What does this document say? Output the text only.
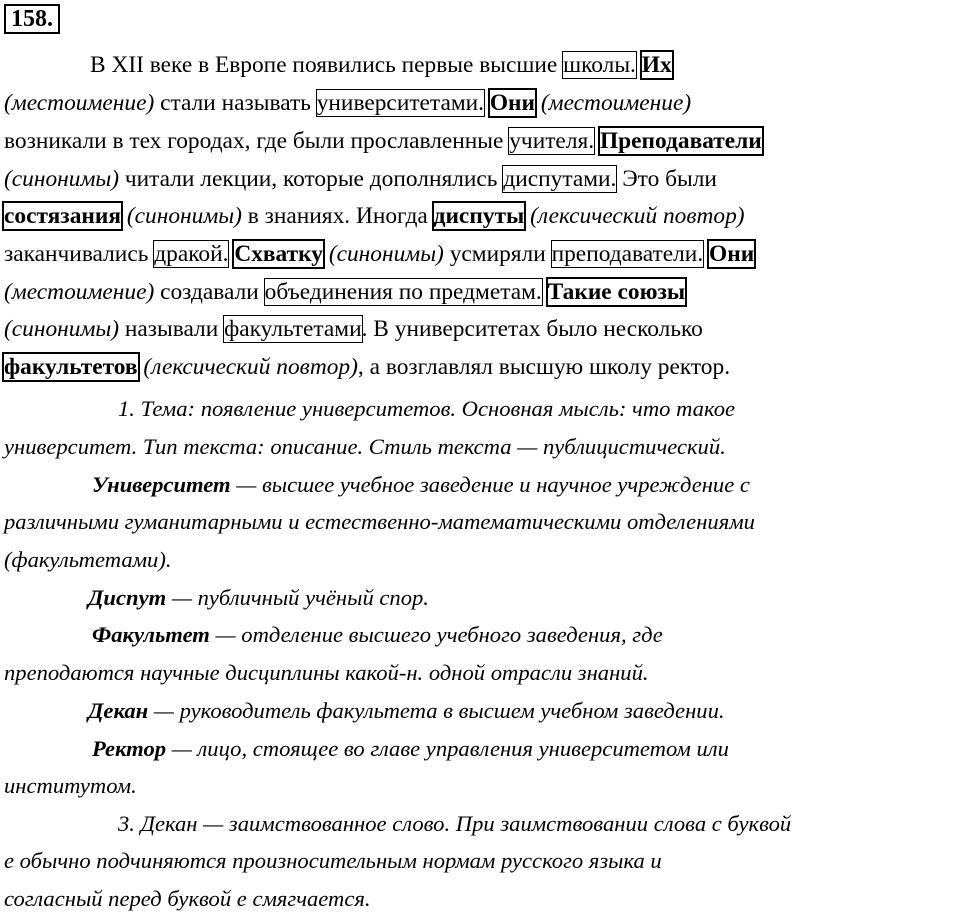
158.
В XII веке в Европе появились первые высшие школы. Их
(местоимение) стали называть университетами. Они (местоимение)
возникали в тех городах, где были прославленные учителя. Преподаватели
(синонимы) читали лекции, которые дополнялись диспутами. Это были
состязания (синонимы) в знаниях. Иногда диспуты (лексический повтор)
заканчивались дракой. Схватку (синонимы) усмиряли преподаватели. Они
(местоимение) создавали объединения по предметам. Такие союзы
(синонимы) называли факультетами. В университетах было несколько
факультетов (лексический повтор), а возглавлял высшую школу ректор.
1. Тема: появление университетов. Основная мысль: что такое
университет. Тип текста: описание. Стиль текста — публицистический.
Университет — высшее учебное заведение и научное учреждение с
различными гуманитарными и естественно-математическими отделениями
(факультетами).
Диспут — публичный учёный спор.
Факультет — отделение высшего учебного заведения, где
преподаются научные дисциплины какой-н. одной отрасли знаний.
Декан — руководитель факультета в высшем учебном заведении.
Ректор — лицо, стоящее во главе управления университетом или
институтом.
3. Декан — заимствованное слово. При заимствовании слова с буквой
е обычно подчиняются произносительным нормам русского языка и
согласный перед буквой е смягчается.
